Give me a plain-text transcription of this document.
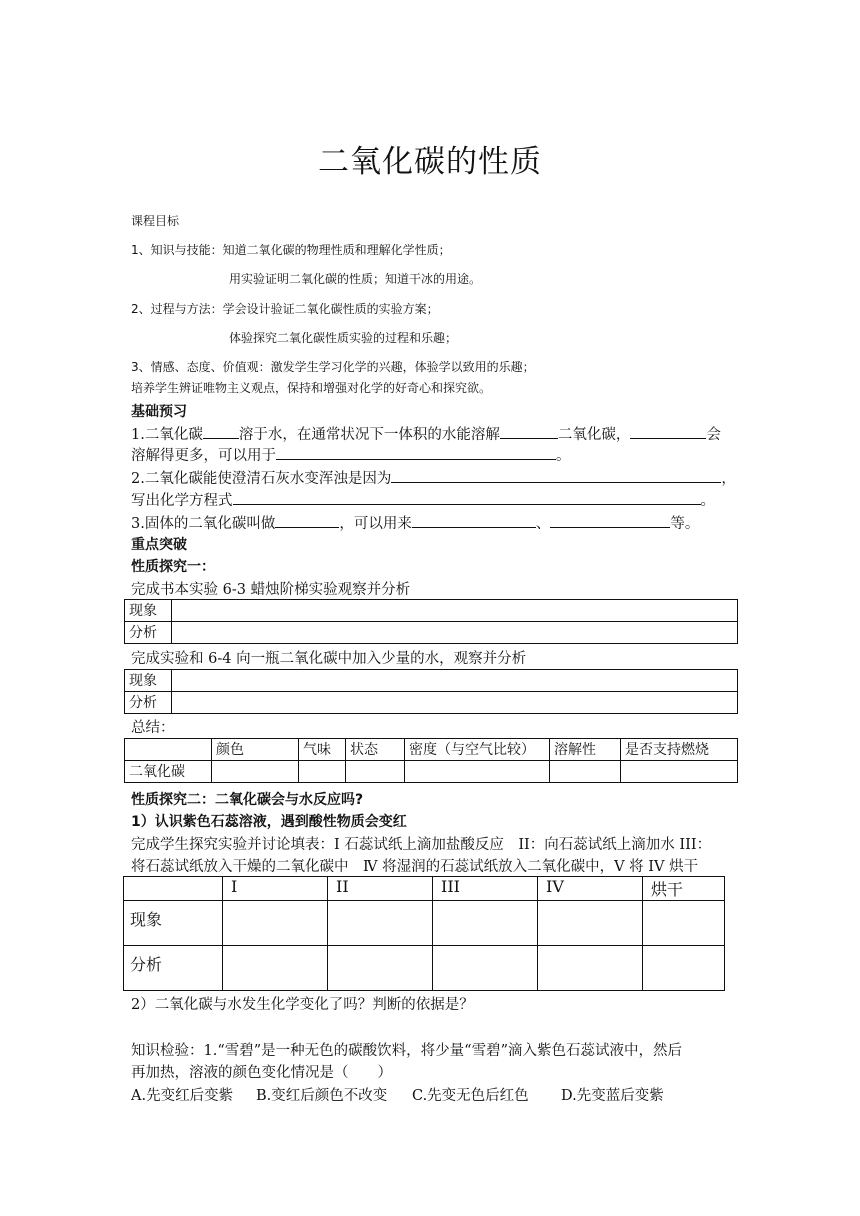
二氧化碳的性质
课程目标
1、知识与技能：知道二氧化碳的物理性质和理解化学性质；
用实验证明二氧化碳的性质；知道干冰的用途。
2、过程与方法：学会设计验证二氧化碳性质的实验方案；
体验探究二氧化碳性质实验的过程和乐趣；
3、情感、态度、价值观：激发学生学习化学的兴趣，体验学以致用的乐趣；
培养学生辨证唯物主义观点，保持和增强对化学的好奇心和探究欲。
基础预习
1.二氧化碳 溶于水，在通常状况下一体积的水能溶解	二氧化碳，	会
溶解得更多，可以用于	。
2.二氧化碳能使澄清石灰水变浑浊是因为	，
写出化学方程式	。
3.固体的二氧化碳叫做	，可以用来	、	等。
重点突破
性质探究一：
完成书本实验 6-3 蜡烛阶梯实验观察并分析
现象	
分析	
完成实验和 6-4 向一瓶二氧化碳中加入少量的水，观察并分析
现象	
分析	
总结：
	颜色	气味	状态	密度（与空气比较）	溶解性	是否支持燃烧
二氧化碳						
性质探究二：二氧化碳会与水反应吗?
1）认识紫色石蕊溶液，遇到酸性物质会变红
完成学生探究实验并讨论填表：Ⅰ 石蕊试纸上滴加盐酸反应　II：向石蕊试纸上滴加水 III：
将石蕊试纸放入干燥的二氧化碳中　Ⅳ 将湿润的石蕊试纸放入二氧化碳中，V 将 IV 烘干
	I	II	III	IV	烘干
现象					
分析					
2）二氧化碳与水发生化学变化了吗？判断的依据是？
知识检验：1.“雪碧”是一种无色的碳酸饮料，将少量“雪碧”滴入紫色石蕊试液中，然后
再加热，溶液的颜色变化情况是（　　）
A.先变红后变紫 B.变红后颜色不改变 C.先变无色后红色 D.先变蓝后变紫
